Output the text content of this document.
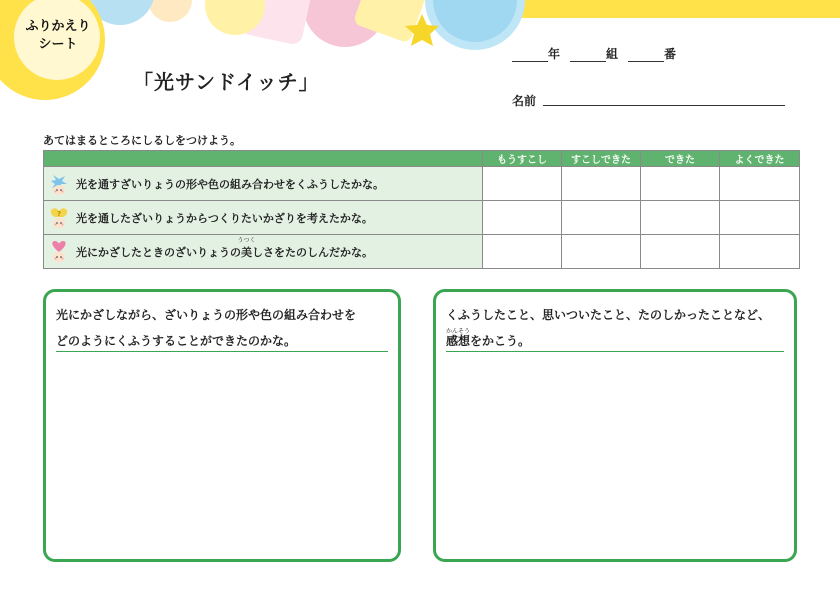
ふりかえり
シート
「光サンドイッチ」
年	組	番
名前
あてはまるところにしるしをつけよう。
	もうすこし	すこしできた	できた	よくできた

光を通すざいりょうの形や色の組み合わせをくふうしたかな。				

? 光を通したざいりょうからつくりたいかざりを考えたかな。				

光にかざしたときのざいりょうの
うつく
美しさをたのしんだかな。				

光にかざしながら、ざいりょうの形や色の組み合わせを
どのようにくふうすることができたのかな。
くふうしたこと、思いついたこと、たのしかったことなど、
かんそう
感想をかこう。
